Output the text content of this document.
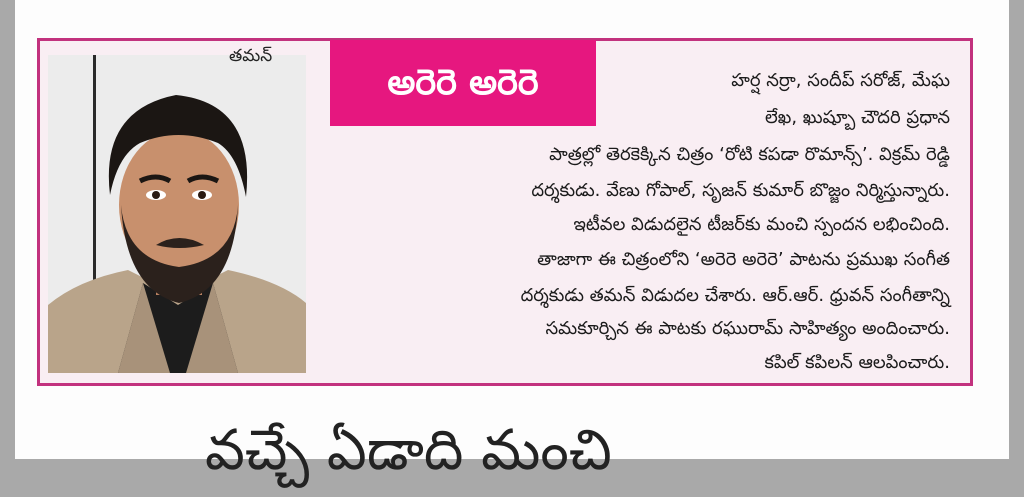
తమన్
అరెరె అరెరె	హర్ష నర్రా, సందీప్ సరోజ్, మేఘ
లేఖ, ఖుష్బూ చౌదరి ప్రధాన
పాత్రల్లో తెరకెక్కిన చిత్రం ‘రోటి కపడా రొమాన్స్’. విక్రమ్ రెడ్డి
దర్శకుడు. వేణు గోపాల్, సృజన్ కుమార్ బొజ్జం నిర్మిస్తున్నారు.
ఇటీవల విడుదలైన టీజర్‌కు మంచి స్పందన లభించింది.
తాజాగా ఈ చిత్రంలోని ‘అరెరె అరెరె’ పాటను ప్రముఖ సంగీత
దర్శకుడు తమన్ విడుదల చేశారు. ఆర్.ఆర్. ధ్రువన్ సంగీతాన్ని
సమకూర్చిన ఈ పాటకు రఘురామ్ సాహిత్యం అందించారు.
కపిల్ కపిలన్ ఆలపించారు.
వచ్చే ఏడాది మంచి
